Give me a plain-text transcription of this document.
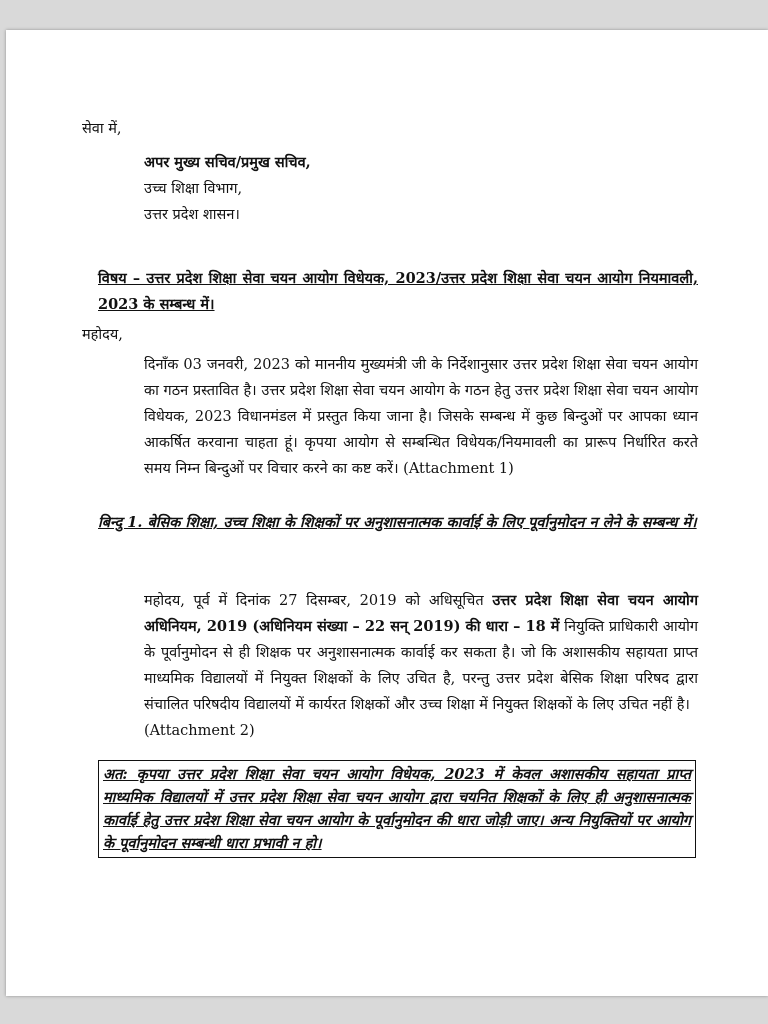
सेवा में,
अपर मुख्य सचिव/प्रमुख सचिव,
उच्च शिक्षा विभाग,
उत्तर प्रदेश शासन।
विषय – उत्तर प्रदेश शिक्षा सेवा चयन आयोग विधेयक, 2023/उत्तर प्रदेश शिक्षा सेवा चयन आयोग नियमावली, 2023 के सम्बन्ध में।
महोदय,
दिनाँक 03 जनवरी, 2023 को माननीय मुख्यमंत्री जी के निर्देशानुसार उत्तर प्रदेश शिक्षा सेवा चयन आयोग का गठन प्रस्तावित है। उत्तर प्रदेश शिक्षा सेवा चयन आयोग के गठन हेतु उत्तर प्रदेश शिक्षा सेवा चयन आयोग विधेयक, 2023 विधानमंडल में प्रस्तुत किया जाना है। जिसके सम्बन्ध में कुछ बिन्दुओं पर आपका ध्यान आकर्षित करवाना चाहता हूं। कृपया आयोग से सम्बन्धित विधेयक/नियमावली का प्रारूप निर्धारित करते समय निम्न बिन्दुओं पर विचार करने का कष्ट करें। (Attachment 1)
बिन्दु 1. बेसिक शिक्षा, उच्च शिक्षा के शिक्षकों पर अनुशासनात्मक कार्वाई के लिए पूर्वानुमोदन न लेने के सम्बन्ध में।
महोदय, पूर्व में दिनांक 27 दिसम्बर, 2019 को अधिसूचित उत्तर प्रदेश शिक्षा सेवा चयन आयोग अधिनियम, 2019 (अधिनियम संख्या – 22 सन् 2019) की धारा – 18 में नियुक्ति प्राधिकारी आयोग के पूर्वानुमोदन से ही शिक्षक पर अनुशासनात्मक कार्वाई कर सकता है। जो कि अशासकीय सहायता प्राप्त माध्यमिक विद्यालयों में नियुक्त शिक्षकों के लिए उचित है, परन्तु उत्तर प्रदेश बेसिक शिक्षा परिषद द्वारा संचालित परिषदीय विद्यालयों में कार्यरत शिक्षकों और उच्च शिक्षा में नियुक्त शिक्षकों के लिए उचित नहीं है।
(Attachment 2)
अत: कृपया उत्तर प्रदेश शिक्षा सेवा चयन आयोग विधेयक, 2023 में केवल अशासकीय सहायता प्राप्त माध्यमिक विद्यालयों में उत्तर प्रदेश शिक्षा सेवा चयन आयोग द्वारा चयनित शिक्षकों के लिए ही अनुशासनात्मक कार्वाई हेतु उत्तर प्रदेश शिक्षा सेवा चयन आयोग के पूर्वानुमोदन की धारा जोड़ी जाए। अन्य नियुक्तियों पर आयोग के पूर्वानुमोदन सम्बन्धी धारा प्रभावी न हो।
